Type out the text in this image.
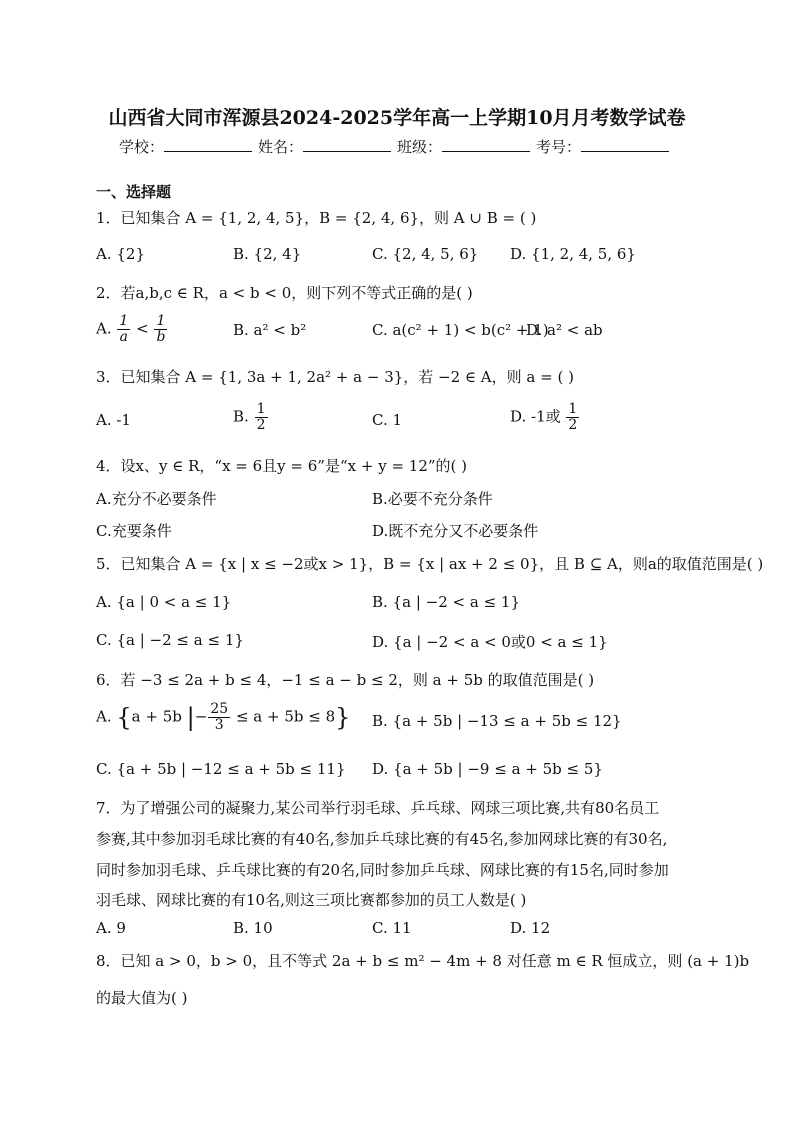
山西省大同市浑源县2024-2025学年高一上学期10月月考数学试卷
学校：	姓名：	班级：	考号：
一、选择题
1．已知集合 A = {1, 2, 4, 5}，B = {2, 4, 6}，则 A ∪ B = ( )
A. {2}	B. {2, 4}	C. {2, 4, 5, 6} D. {1, 2, 4, 5, 6}
2．若a,b,c ∈ R，a < b < 0，则下列不等式正确的是( )
A. $\frac{1}{a} < \frac{1}{b}$	B. a² < b²	C. a(c² + 1) < b(c² + 1)
D. a² < ab
3．已知集合 A = {1, 3a + 1, 2a² + a − 3}，若 −2 ∈ A，则 a = ( )
A. -1	B. $\frac{1}{2}$	C. 1	D. -1或 $\frac{1}{2}$
4．设x、y ∈ R，“x = 6且y = 6”是“x + y = 12”的( )
A.充分不必要条件	B.必要不充分条件
C.充要条件	D.既不充分又不必要条件
5．已知集合 A = {x | x ≤ −2或x > 1}，B = {x | ax + 2 ≤ 0}，且 B ⊆ A，则a的取值范围是( )
A. {a | 0 < a ≤ 1}	B. {a | −2 < a ≤ 1}
C. {a | −2 ≤ a ≤ 1}	D. {a | −2 < a < 0或0 < a ≤ 1}
6．若 −3 ≤ 2a + b ≤ 4，−1 ≤ a − b ≤ 2，则 a + 5b 的取值范围是( )
A. {a + 5b |− $\frac{25}{3} \le a + 5b \le 8$} B. {a + 5b | −13 ≤ a + 5b ≤ 12}
C. {a + 5b | −12 ≤ a + 5b ≤ 11} D. {a + 5b | −9 ≤ a + 5b ≤ 5}
7．为了增强公司的凝聚力,某公司举行羽毛球、乒乓球、网球三项比赛,共有80名员工
参赛,其中参加羽毛球比赛的有40名,参加乒乓球比赛的有45名,参加网球比赛的有30名,
同时参加羽毛球、乒乓球比赛的有20名,同时参加乒乓球、网球比赛的有15名,同时参加
羽毛球、网球比赛的有10名,则这三项比赛都参加的员工人数是( )
A. 9	B. 10	C. 11	D. 12
8．已知 a > 0，b > 0，且不等式 2a + b ≤ m² − 4m + 8 对任意 m ∈ R 恒成立，则 (a + 1)b
的最大值为( )
